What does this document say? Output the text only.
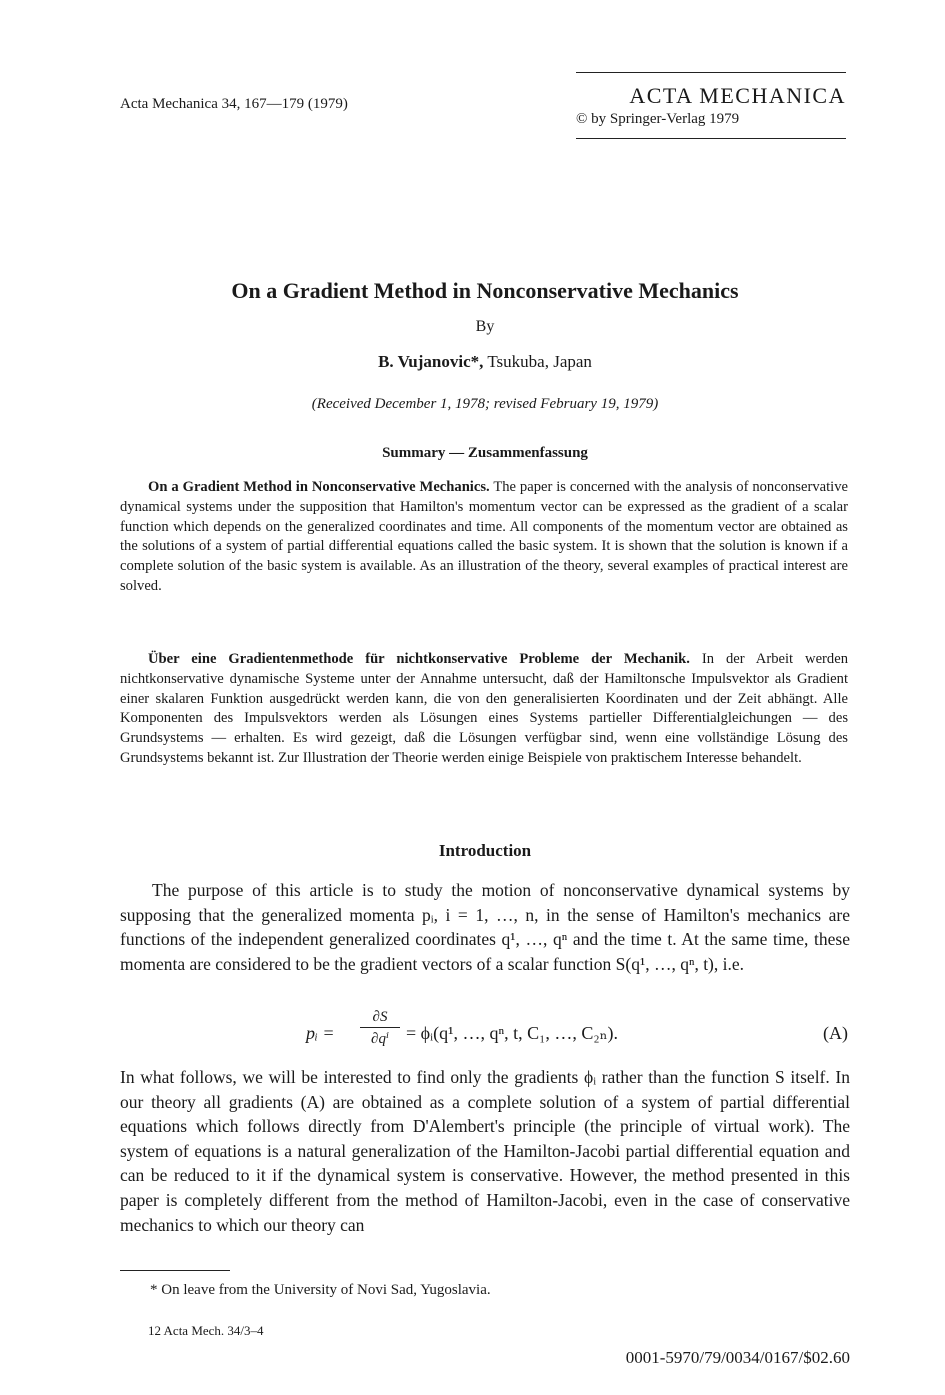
Acta Mechanica 34, 167—179 (1979)	ACTA MECHANICA
© by Springer-Verlag 1979
On a Gradient Method in Nonconservative Mechanics
By
B. Vujanovic*, Tsukuba, Japan
(Received December 1, 1978; revised February 19, 1979)
Summary — Zusammenfassung

On a Gradient Method in Nonconservative Mechanics. The paper is concerned with the analysis of nonconservative dynamical systems under the supposition that Hamilton's momentum vector can be expressed as the gradient of a scalar function which depends on the generalized coordinates and time. All components of the momentum vector are obtained as the solutions of a system of partial differential equations called the basic system. It is shown that the solution is known if a complete solution of the basic system is available. As an illustration of the theory, several examples of practical interest are solved.

Über eine Gradientenmethode für nichtkonservative Probleme der Mechanik. In der Arbeit werden nichtkonservative dynamische Systeme unter der Annahme untersucht, daß der Hamiltonsche Impulsvektor als Gradient einer skalaren Funktion ausgedrückt werden kann, die von den generalisierten Koordinaten und der Zeit abhängt. Alle Komponenten des Impulsvektors werden als Lösungen eines Systems partieller Differentialgleichungen — des Grundsystems — erhalten. Es wird gezeigt, daß die Lösungen verfügbar sind, wenn eine vollständige Lösung des Grundsystems bekannt ist. Zur Illustration der Theorie werden einige Beispiele von praktischem Interesse behandelt.

Introduction

The purpose of this article is to study the motion of nonconservative dynamical systems by supposing that the generalized momenta pᵢ, i = 1, …, n, in the sense of Hamilton's mechanics are functions of the independent generalized coordinates q¹, …, qⁿ and the time t. At the same time, these momenta are considered to be the gradient vectors of a scalar function S(q¹, …, qⁿ, t), i.e.

pᵢ = $\frac{\partial S}{\text{∂qⁱ}}$ = ϕᵢ(q¹, …, qⁿ, t, C₁, …, C₂ₙ).	(A)

In what follows, we will be interested to find only the gradients ϕᵢ rather than the function S itself. In our theory all gradients (A) are obtained as a complete solution of a system of partial differential equations which follows directly from D'Alembert's principle (the principle of virtual work). The system of equations is a natural generalization of the Hamilton-Jacobi partial differential equation and can be reduced to it if the dynamical system is conservative. However, the method presented in this paper is completely different from the method of Hamilton-Jacobi, even in the case of conservative mechanics to which our theory can

* On leave from the University of Novi Sad, Yugoslavia.
12 Acta Mech. 34/3–4
0001-5970/79/0034/0167/$02.60
